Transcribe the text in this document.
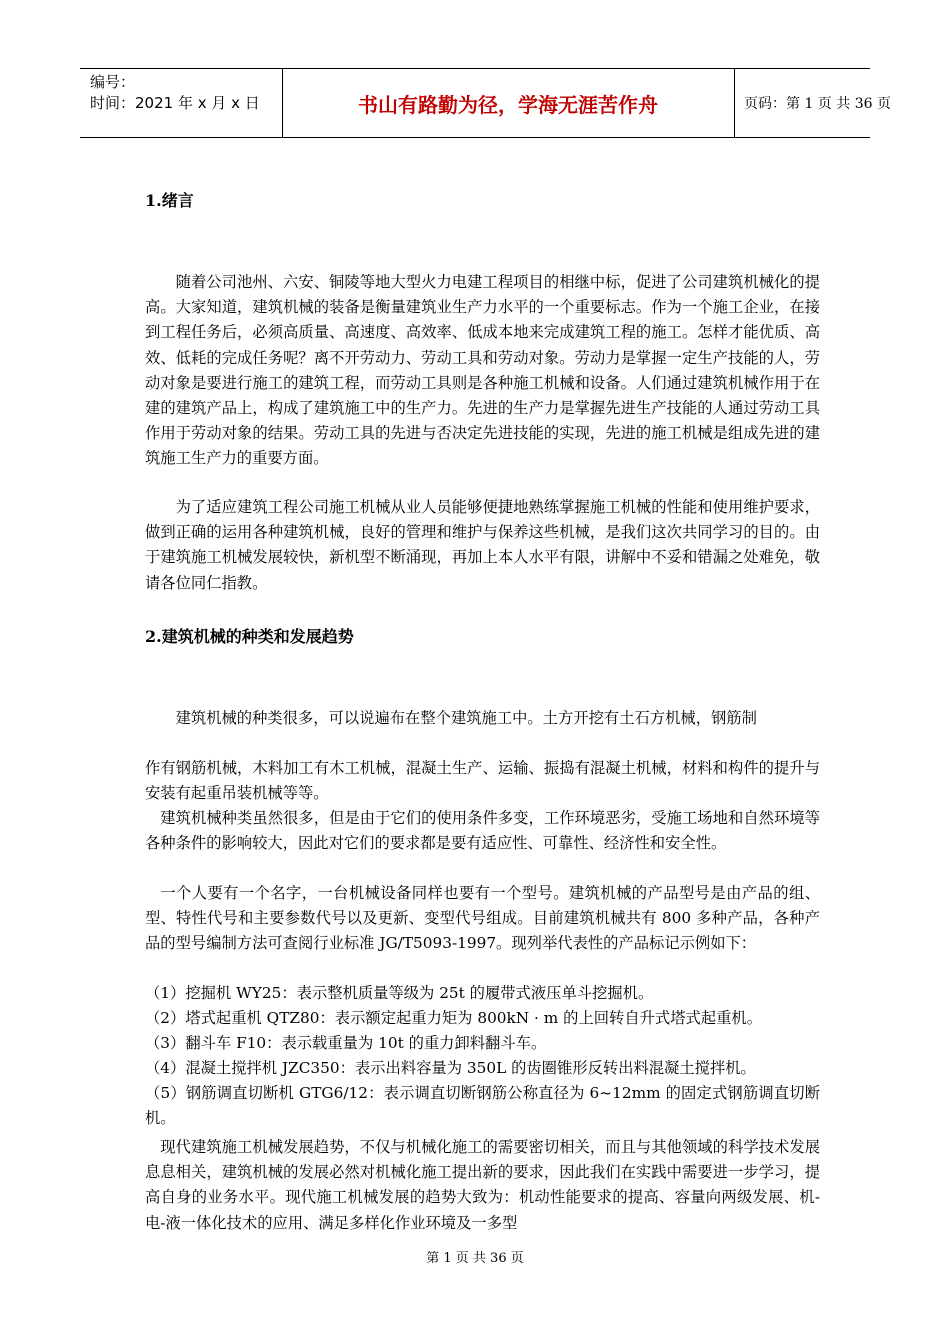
编号：
时间：2021 年 x 月 x 日	书山有路勤为径，学海无涯苦作舟	页码：第 1 页 共 36 页
1.绪言

随着公司池州、六安、铜陵等地大型火力电建工程项目的相继中标，促进了公司建筑机械化的提高。大家知道，建筑机械的装备是衡量建筑业生产力水平的一个重要标志。作为一个施工企业，在接到工程任务后，必须高质量、高速度、高效率、低成本地来完成建筑工程的施工。怎样才能优质、高效、低耗的完成任务呢？离不开劳动力、劳动工具和劳动对象。劳动力是掌握一定生产技能的人，劳动对象是要进行施工的建筑工程，而劳动工具则是各种施工机械和设备。人们通过建筑机械作用于在建的建筑产品上，构成了建筑施工中的生产力。先进的生产力是掌握先进生产技能的人通过劳动工具作用于劳动对象的结果。劳动工具的先进与否决定先进技能的实现，先进的施工机械是组成先进的建筑施工生产力的重要方面。

为了适应建筑工程公司施工机械从业人员能够便捷地熟练掌握施工机械的性能和使用维护要求，做到正确的运用各种建筑机械，良好的管理和维护与保养这些机械，是我们这次共同学习的目的。由于建筑施工机械发展较快，新机型不断涌现，再加上本人水平有限，讲解中不妥和错漏之处难免，敬请各位同仁指教。

2.建筑机械的种类和发展趋势

建筑机械的种类很多，可以说遍布在整个建筑施工中。土方开挖有土石方机械，钢筋制

作有钢筋机械，木料加工有木工机械，混凝土生产、运输、振捣有混凝土机械，材料和构件的提升与安装有起重吊装机械等等。

建筑机械种类虽然很多，但是由于它们的使用条件多变，工作环境恶劣，受施工场地和自然环境等各种条件的影响较大，因此对它们的要求都是要有适应性、可靠性、经济性和安全性。

一个人要有一个名字，一台机械设备同样也要有一个型号。建筑机械的产品型号是由产品的组、型、特性代号和主要参数代号以及更新、变型代号组成。目前建筑机械共有 800 多种产品，各种产品的型号编制方法可查阅行业标准 JG/T5093-1997。现列举代表性的产品标记示例如下：

（1）挖掘机 WY25：表示整机质量等级为 25t 的履带式液压单斗挖掘机。

（2）塔式起重机 QTZ80：表示额定起重力矩为 800kN · m 的上回转自升式塔式起重机。

（3）翻斗车 F10：表示载重量为 10t 的重力卸料翻斗车。

（4）混凝土搅拌机 JZC350：表示出料容量为 350L 的齿圈锥形反转出料混凝土搅拌机。

（5）钢筋调直切断机 GTG6/12：表示调直切断钢筋公称直径为 6~12mm 的固定式钢筋调直切断机。

现代建筑施工机械发展趋势，不仅与机械化施工的需要密切相关，而且与其他领域的科学技术发展息息相关，建筑机械的发展必然对机械化施工提出新的要求，因此我们在实践中需要进一步学习，提高自身的业务水平。现代施工机械发展的趋势大致为：机动性能要求的提高、容量向两级发展、机-电-液一体化技术的应用、满足多样化作业环境及一多型

第 1 页 共 36 页
